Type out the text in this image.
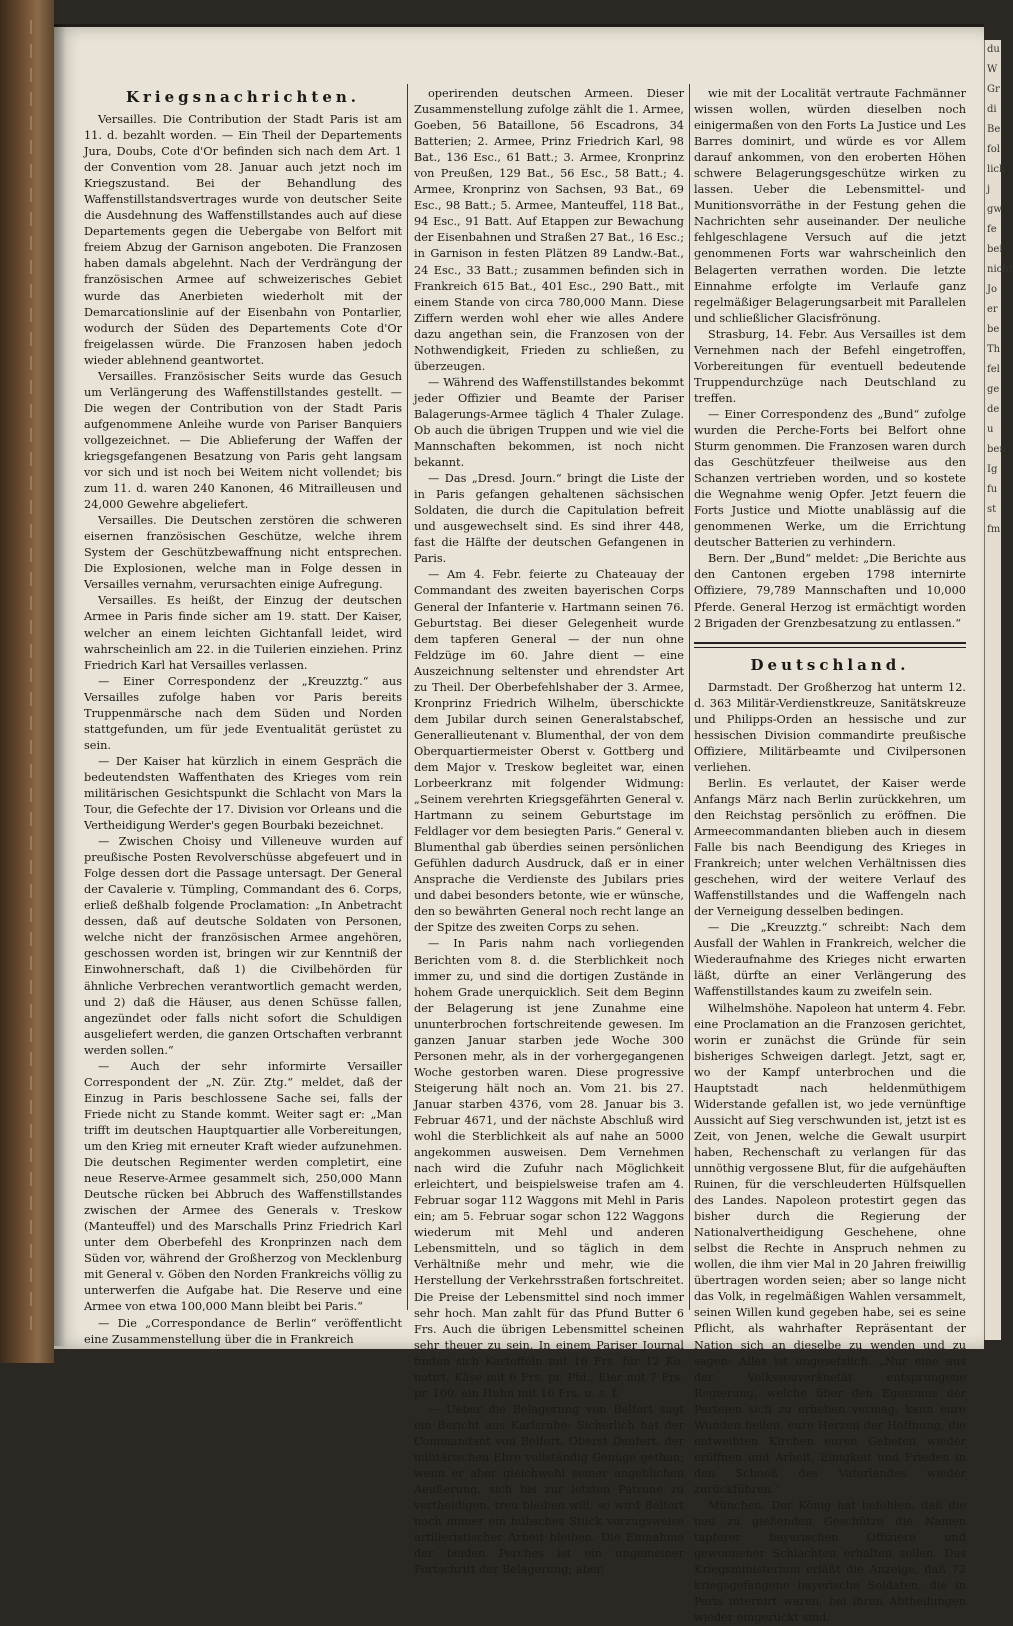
du
W
Gr
di
Be
fol
lich
j
gw
fe
bei
nicht
Jo
er
be
Th
fel
ge
de
u
ben
Ig
fu
st
fm
Kriegsnachrichten.

Versailles. Die Contribution der Stadt Paris ist am 11. d. bezahlt worden. — Ein Theil der Departements Jura, Doubs, Cote d'Or befinden sich nach dem Art. 1 der Convention vom 28. Januar auch jetzt noch im Kriegszustand. Bei der Behandlung des Waffenstillstandsvertrages wurde von deutscher Seite die Ausdehnung des Waffenstillstandes auch auf diese Departements gegen die Uebergabe von Belfort mit freiem Abzug der Garnison angeboten. Die Franzosen haben damals abgelehnt. Nach der Verdrängung der französischen Armee auf schweizerisches Gebiet wurde das Anerbieten wiederholt mit der Demarcationslinie auf der Eisenbahn von Pontarlier, wodurch der Süden des Departements Cote d'Or freigelassen würde. Die Franzosen haben jedoch wieder ablehnend geantwortet.

Versailles. Französischer Seits wurde das Gesuch um Verlängerung des Waffenstillstandes gestellt. — Die wegen der Contribution von der Stadt Paris aufgenommene Anleihe wurde von Pariser Banquiers vollgezeichnet. — Die Ablieferung der Waffen der kriegsgefangenen Besatzung von Paris geht langsam vor sich und ist noch bei Weitem nicht vollendet; bis zum 11. d. waren 240 Kanonen, 46 Mitrailleusen und 24,000 Gewehre abgeliefert.

Versailles. Die Deutschen zerstören die schweren eisernen französischen Geschütze, welche ihrem System der Geschützbewaffnung nicht entsprechen. Die Explosionen, welche man in Folge dessen in Versailles vernahm, verursachten einige Aufregung.

Versailles. Es heißt, der Einzug der deutschen Armee in Paris finde sicher am 19. statt. Der Kaiser, welcher an einem leichten Gichtanfall leidet, wird wahrscheinlich am 22. in die Tuilerien einziehen. Prinz Friedrich Karl hat Versailles verlassen.

— Einer Correspondenz der „Kreuzztg.“ aus Versailles zufolge haben vor Paris bereits Truppenmärsche nach dem Süden und Norden stattgefunden, um für jede Eventualität gerüstet zu sein.

— Der Kaiser hat kürzlich in einem Gespräch die bedeutendsten Waffenthaten des Krieges vom rein militärischen Gesichtspunkt die Schlacht von Mars la Tour, die Gefechte der 17. Division vor Orleans und die Vertheidigung Werder's gegen Bourbaki bezeichnet.

— Zwischen Choisy und Villeneuve wurden auf preußische Posten Revolverschüsse abgefeuert und in Folge dessen dort die Passage untersagt. Der General der Cavalerie v. Tümpling, Commandant des 6. Corps, erließ deßhalb folgende Proclamation: „In Anbetracht dessen, daß auf deutsche Soldaten von Personen, welche nicht der französischen Armee angehören, geschossen worden ist, bringen wir zur Kenntniß der Einwohnerschaft, daß 1) die Civilbehörden für ähnliche Verbrechen verantwortlich gemacht werden, und 2) daß die Häuser, aus denen Schüsse fallen, angezündet oder falls nicht sofort die Schuldigen ausgeliefert werden, die ganzen Ortschaften verbrannt werden sollen.“

— Auch der sehr informirte Versailler Correspondent der „N. Zür. Ztg.“ meldet, daß der Einzug in Paris beschlossene Sache sei, falls der Friede nicht zu Stande kommt. Weiter sagt er: „Man trifft im deutschen Hauptquartier alle Vorbereitungen, um den Krieg mit erneuter Kraft wieder aufzunehmen. Die deutschen Regimenter werden completirt, eine neue Reserve-Armee gesammelt sich, 250,000 Mann Deutsche rücken bei Abbruch des Waffenstillstandes zwischen der Armee des Generals v. Treskow (Manteuffel) und des Marschalls Prinz Friedrich Karl unter dem Oberbefehl des Kronprinzen nach dem Süden vor, während der Großherzog von Mecklenburg mit General v. Göben den Norden Frankreichs völlig zu unterwerfen die Aufgabe hat. Die Reserve und eine Armee von etwa 100,000 Mann bleibt bei Paris.“

— Die „Correspondance de Berlin“ veröffentlicht eine Zusammenstellung über die in Frankreich

operirenden deutschen Armeen. Dieser Zusammenstellung zufolge zählt die 1. Armee, Goeben, 56 Bataillone, 56 Escadrons, 34 Batterien; 2. Armee, Prinz Friedrich Karl, 98 Bat., 136 Esc., 61 Batt.; 3. Armee, Kronprinz von Preußen, 129 Bat., 56 Esc., 58 Batt.; 4. Armee, Kronprinz von Sachsen, 93 Bat., 69 Esc., 98 Batt.; 5. Armee, Manteuffel, 118 Bat., 94 Esc., 91 Batt. Auf Etappen zur Bewachung der Eisenbahnen und Straßen 27 Bat., 16 Esc.; in Garnison in festen Plätzen 89 Landw.-Bat., 24 Esc., 33 Batt.; zusammen befinden sich in Frankreich 615 Bat., 401 Esc., 290 Batt., mit einem Stande von circa 780,000 Mann. Diese Ziffern werden wohl eher wie alles Andere dazu angethan sein, die Franzosen von der Nothwendigkeit, Frieden zu schließen, zu überzeugen.

— Während des Waffenstillstandes bekommt jeder Offizier und Beamte der Pariser Balagerungs-Armee täglich 4 Thaler Zulage. Ob auch die übrigen Truppen und wie viel die Mannschaften bekommen, ist noch nicht bekannt.

— Das „Dresd. Journ.“ bringt die Liste der in Paris gefangen gehaltenen sächsischen Soldaten, die durch die Capitulation befreit und ausgewechselt sind. Es sind ihrer 448, fast die Hälfte der deutschen Gefangenen in Paris.

— Am 4. Febr. feierte zu Chateauay der Commandant des zweiten bayerischen Corps General der Infanterie v. Hartmann seinen 76. Geburtstag. Bei dieser Gelegenheit wurde dem tapferen General — der nun ohne Feldzüge im 60. Jahre dient — eine Auszeichnung seltenster und ehrendster Art zu Theil. Der Oberbefehlshaber der 3. Armee, Kronprinz Friedrich Wilhelm, überschickte dem Jubilar durch seinen Generalstabschef, Generallieutenant v. Blumenthal, der von dem Oberquartiermeister Oberst v. Gottberg und dem Major v. Treskow begleitet war, einen Lorbeerkranz mit folgender Widmung: „Seinem verehrten Kriegsgefährten General v. Hartmann zu seinem Geburtstage im Feldlager vor dem besiegten Paris.“ General v. Blumenthal gab überdies seinen persönlichen Gefühlen dadurch Ausdruck, daß er in einer Ansprache die Verdienste des Jubilars pries und dabei besonders betonte, wie er wünsche, den so bewährten General noch recht lange an der Spitze des zweiten Corps zu sehen.

— In Paris nahm nach vorliegenden Berichten vom 8. d. die Sterblichkeit noch immer zu, und sind die dortigen Zustände in hohem Grade unerquicklich. Seit dem Beginn der Belagerung ist jene Zunahme eine ununterbrochen fortschreitende gewesen. Im ganzen Januar starben jede Woche 300 Personen mehr, als in der vorhergegangenen Woche gestorben waren. Diese progressive Steigerung hält noch an. Vom 21. bis 27. Januar starben 4376, vom 28. Januar bis 3. Februar 4671, und der nächste Abschluß wird wohl die Sterblichkeit als auf nahe an 5000 angekommen ausweisen. Dem Vernehmen nach wird die Zufuhr nach Möglichkeit erleichtert, und beispielsweise trafen am 4. Februar sogar 112 Waggons mit Mehl in Paris ein; am 5. Februar sogar schon 122 Waggons wiederum mit Mehl und anderen Lebensmitteln, und so täglich in dem Verhältniße mehr und mehr, wie die Herstellung der Verkehrsstraßen fortschreitet. Die Preise der Lebensmittel sind noch immer sehr hoch. Man zahlt für das Pfund Butter 6 Frs. Auch die übrigen Lebensmittel scheinen sehr theuer zu sein. In einem Pariser Journal finden sich Kartoffeln mit 16 Frs. für 12 Ko. notirt, Käse mit 6 Frs. pr. Pfd., Eier mit 7 Frs. pr. 100, ein Huhn mit 16 Frs. u. s. f.

— Ueber die Belagerung von Belfort sagt ein Bericht aus Karlsruhe: Sicherlich hat der Commandant von Belfort, Oberst Denfert, der militärischen Ehre vollständig Genüge gethan; wenn er aber gleichwohl seiner angeblichen Aeußerung, sich bis zur letzten Patrone zu vertheidigen, treu bleiben will, so wird Belfort noch immer ein hübsches Stück vorzugsweise artilleristischer Arbeit bleiben. Die Einnahme der beiden Perches ist ein ungemeiner Fortschritt der Belagerung; aber,

wie mit der Localität vertraute Fachmänner wissen wollen, würden dieselben noch einigermaßen von den Forts La Justice und Les Barres dominirt, und würde es vor Allem darauf ankommen, von den eroberten Höhen schwere Belagerungsgeschütze wirken zu lassen. Ueber die Lebensmittel- und Munitionsvorräthe in der Festung gehen die Nachrichten sehr auseinander. Der neuliche fehlgeschlagene Versuch auf die jetzt genommenen Forts war wahrscheinlich den Belagerten verrathen worden. Die letzte Einnahme erfolgte im Verlaufe ganz regelmäßiger Belagerungsarbeit mit Parallelen und schließlicher Glacisfrönung.

Strasburg, 14. Febr. Aus Versailles ist dem Vernehmen nach der Befehl eingetroffen, Vorbereitungen für eventuell bedeutende Truppendurchzüge nach Deutschland zu treffen.

— Einer Correspondenz des „Bund“ zufolge wurden die Perche-Forts bei Belfort ohne Sturm genommen. Die Franzosen waren durch das Geschützfeuer theilweise aus den Schanzen vertrieben worden, und so kostete die Wegnahme wenig Opfer. Jetzt feuern die Forts Justice und Miotte unablässig auf die genommenen Werke, um die Errichtung deutscher Batterien zu verhindern.

Bern. Der „Bund“ meldet: „Die Berichte aus den Cantonen ergeben 1798 internirte Offiziere, 79,789 Mannschaften und 10,000 Pferde. General Herzog ist ermächtigt worden 2 Brigaden der Grenzbesatzung zu entlassen.“

Deutschland.

Darmstadt. Der Großherzog hat unterm 12. d. 363 Militär-Verdienstkreuze, Sanitätskreuze und Philipps-Orden an hessische und zur hessischen Division commandirte preußische Offiziere, Militärbeamte und Civilpersonen verliehen.

Berlin. Es verlautet, der Kaiser werde Anfangs März nach Berlin zurückkehren, um den Reichstag persönlich zu eröffnen. Die Armeecommandanten blieben auch in diesem Falle bis nach Beendigung des Krieges in Frankreich; unter welchen Verhältnissen dies geschehen, wird der weitere Verlauf des Waffenstillstandes und die Waffengeln nach der Verneigung desselben bedingen.

— Die „Kreuzztg.“ schreibt: Nach dem Ausfall der Wahlen in Frankreich, welcher die Wiederaufnahme des Krieges nicht erwarten läßt, dürfte an einer Verlängerung des Waffenstillstandes kaum zu zweifeln sein.

Wilhelmshöhe. Napoleon hat unterm 4. Febr. eine Proclamation an die Franzosen gerichtet, worin er zunächst die Gründe für sein bisheriges Schweigen darlegt. Jetzt, sagt er, wo der Kampf unterbrochen und die Hauptstadt nach heldenmüthigem Widerstande gefallen ist, wo jede vernünftige Aussicht auf Sieg verschwunden ist, jetzt ist es Zeit, von Jenen, welche die Gewalt usurpirt haben, Rechenschaft zu verlangen für das unnöthig vergossene Blut, für die aufgehäuften Ruinen, für die verschleuderten Hülfsquellen des Landes. Napoleon protestirt gegen das bisher durch die Regierung der Nationalvertheidigung Geschehene, ohne selbst die Rechte in Anspruch nehmen zu wollen, die ihm vier Mal in 20 Jahren freiwillig übertragen worden seien; aber so lange nicht das Volk, in regelmäßigen Wahlen versammelt, seinen Willen kund gegeben habe, sei es seine Pflicht, als wahrhafter Repräsentant der Nation sich an dieselbe zu wenden und zu sagen: Alles ist ungesetzlich. „Nur eine aus der Volkssouveränetät entsprungene Regierung, welche über den Egoismus der Parteien sich zu erheben vermag, kann eure Wunden heilen, eure Herzen der Hoffnung, die entweihten Kirchen euren Gebeten wieder eröffnen und Arbeit, Einigkeit und Frieden in den Schooß des Vaterlandes wieder zurückführen.“

München. Der König hat befohlen, daß die neu zu gießenden Geschütze die Namen tapferer bayerischen Offiziere und gewonnener Schlachten erhalten sollen. Das Kriegsministerium erläßt die Anzeige, daß 72 kriegsgefangene bayerische Soldaten, die in Paris internirt waren, bei ihren Abtheilungen wieder eingerückt sind.
